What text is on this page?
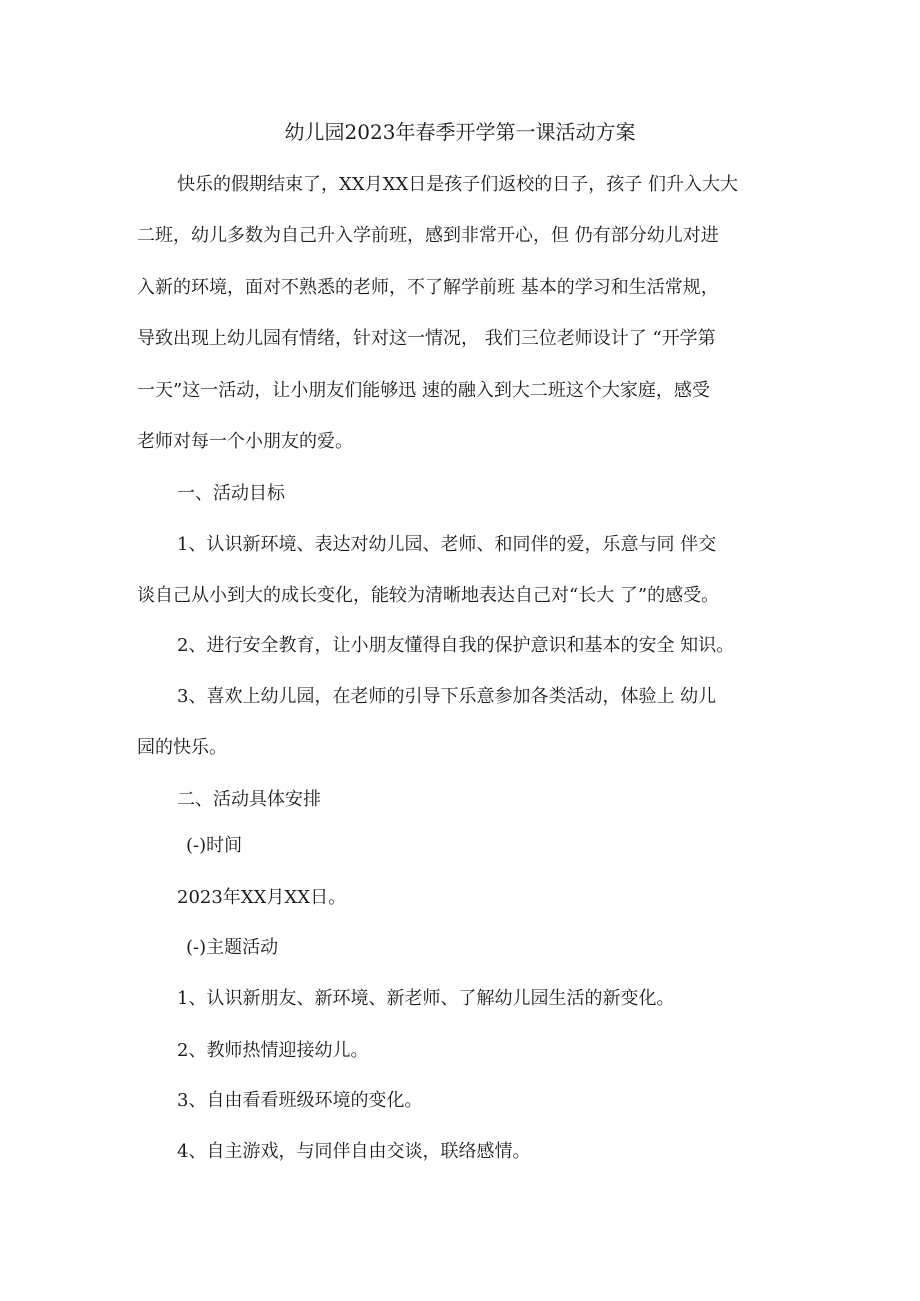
幼儿园2023年春季开学第一课活动方案
快乐的假期结束了，XX月XX日是孩子们返校的日子，孩子 们升入大大
二班，幼儿多数为自己升入学前班，感到非常开心，但 仍有部分幼儿对进
入新的环境，面对不熟悉的老师，不了解学前班 基本的学习和生活常规，
导致出现上幼儿园有情绪，针对这一情况， 我们三位老师设计了 “开学第
一天”这一活动，让小朋友们能够迅 速的融入到大二班这个大家庭，感受
老师对每一个小朋友的爱。
一、活动目标
1、认识新环境、表达对幼儿园、老师、和同伴的爱，乐意与同 伴交
谈自己从小到大的成长变化，能较为清晰地表达自己对“长大 了”的感受。
2、进行安全教育，让小朋友懂得自我的保护意识和基本的安全 知识。
3、喜欢上幼儿园，在老师的引导下乐意参加各类活动，体验上 幼儿
园的快乐。
二、活动具体安排
(-)时间
2023年XX月XX日。
(-)主题活动
1、认识新朋友、新环境、新老师、了解幼儿园生活的新变化。
2、教师热情迎接幼儿。
3、自由看看班级环境的变化。
4、自主游戏，与同伴自由交谈，联络感情。
